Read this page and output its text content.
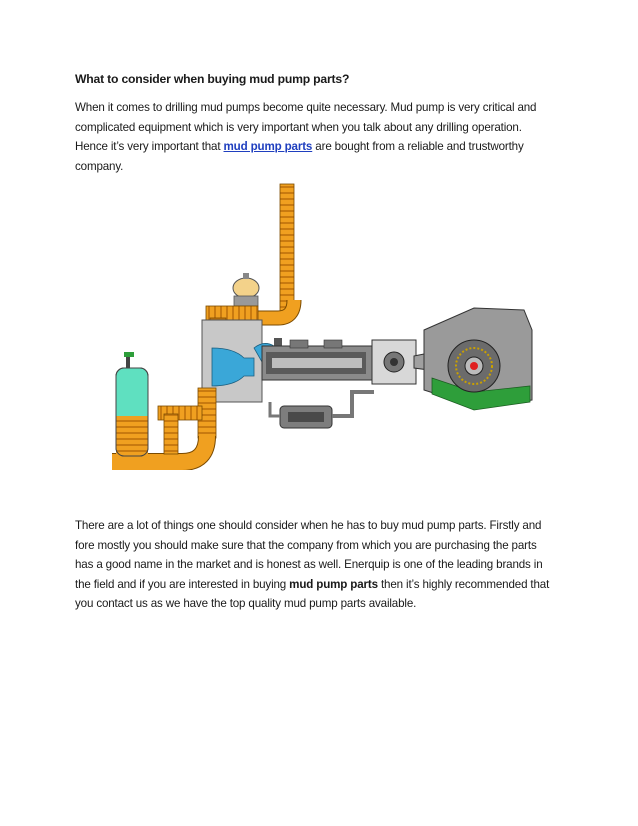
What to consider when buying mud pump parts?
When it comes to drilling mud pumps become quite necessary. Mud pump is very critical and
complicated equipment which is very important when you talk about any drilling operation.
Hence it’s very important that mud pump parts are bought from a reliable and trustworthy
company.
There are a lot of things one should consider when he has to buy mud pump parts. Firstly and
fore mostly you should make sure that the company from which you are purchasing the parts
has a good name in the market and is honest as well. Enerquip is one of the leading brands in
the field and if you are interested in buying mud pump parts then it’s highly recommended that
you contact us as we have the top quality mud pump parts available.
